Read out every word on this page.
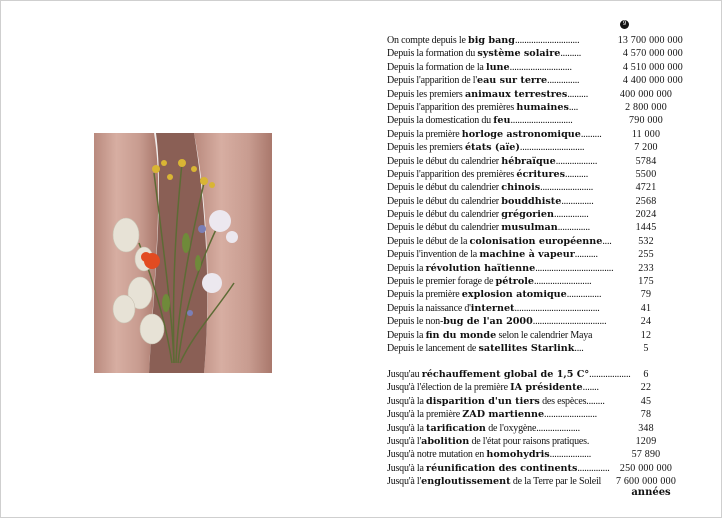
9
On compte depuis le big bang............................	13 700 000 000
Depuis la formation du système solaire.........	4 570 000 000
Depuis la formation de la lune...........................	4 510 000 000
Depuis l'apparition de l'eau sur terre..............	4 400 000 000
Depuis les premiers animaux terrestres.........	400 000 000
Depuis l'apparition des premières humaines....	2 800 000
Depuis la domestication du feu...........................	790 000
Depuis la première horloge astronomique.........	11 000
Depuis les premiers états (aïe)............................	7 200
Depuis le début du calendrier hébraïque..................	5784
Depuis l'apparition des premières écritures..........	5500
Depuis le début du calendrier chinois.......................	4721
Depuis le début du calendrier bouddhiste..............	2568
Depuis le début du calendrier grégorien...............	2024
Depuis le début du calendrier musulman..............	1445
Depuis le début de la colonisation européenne....	532
Depuis l'invention de la machine à vapeur..........	255
Depuis la révolution haïtienne..................................	233
Depuis le premier forage de pétrole.........................	175
Depuis la première explosion atomique...............	79
Depuis la naissance d'internet.....................................	41
Depuis le non-bug de l'an 2000................................	24
Depuis la fin du monde selon le calendrier Maya	12
Depuis le lancement de satellites Starlink....	5
Jusqu'au réchauffement global de 1,5 C°..................	6
Jusqu'à l'élection de la première IA présidente.......	22
Jusqu'à la disparition d'un tiers des espèces........	45
Jusqu'à la première ZAD martienne.......................	78
Jusqu'à la tarification de l'oxygène...................	348
Jusqu'à l'abolition de l'état pour raisons pratiques.	1209
Jusqu'à notre mutation en homohydris..................	57 890
Jusqu'à la réunification des continents..............	250 000 000
Jusqu'à l'engloutissement de la Terre par le Soleil	7 600 000 000
années
